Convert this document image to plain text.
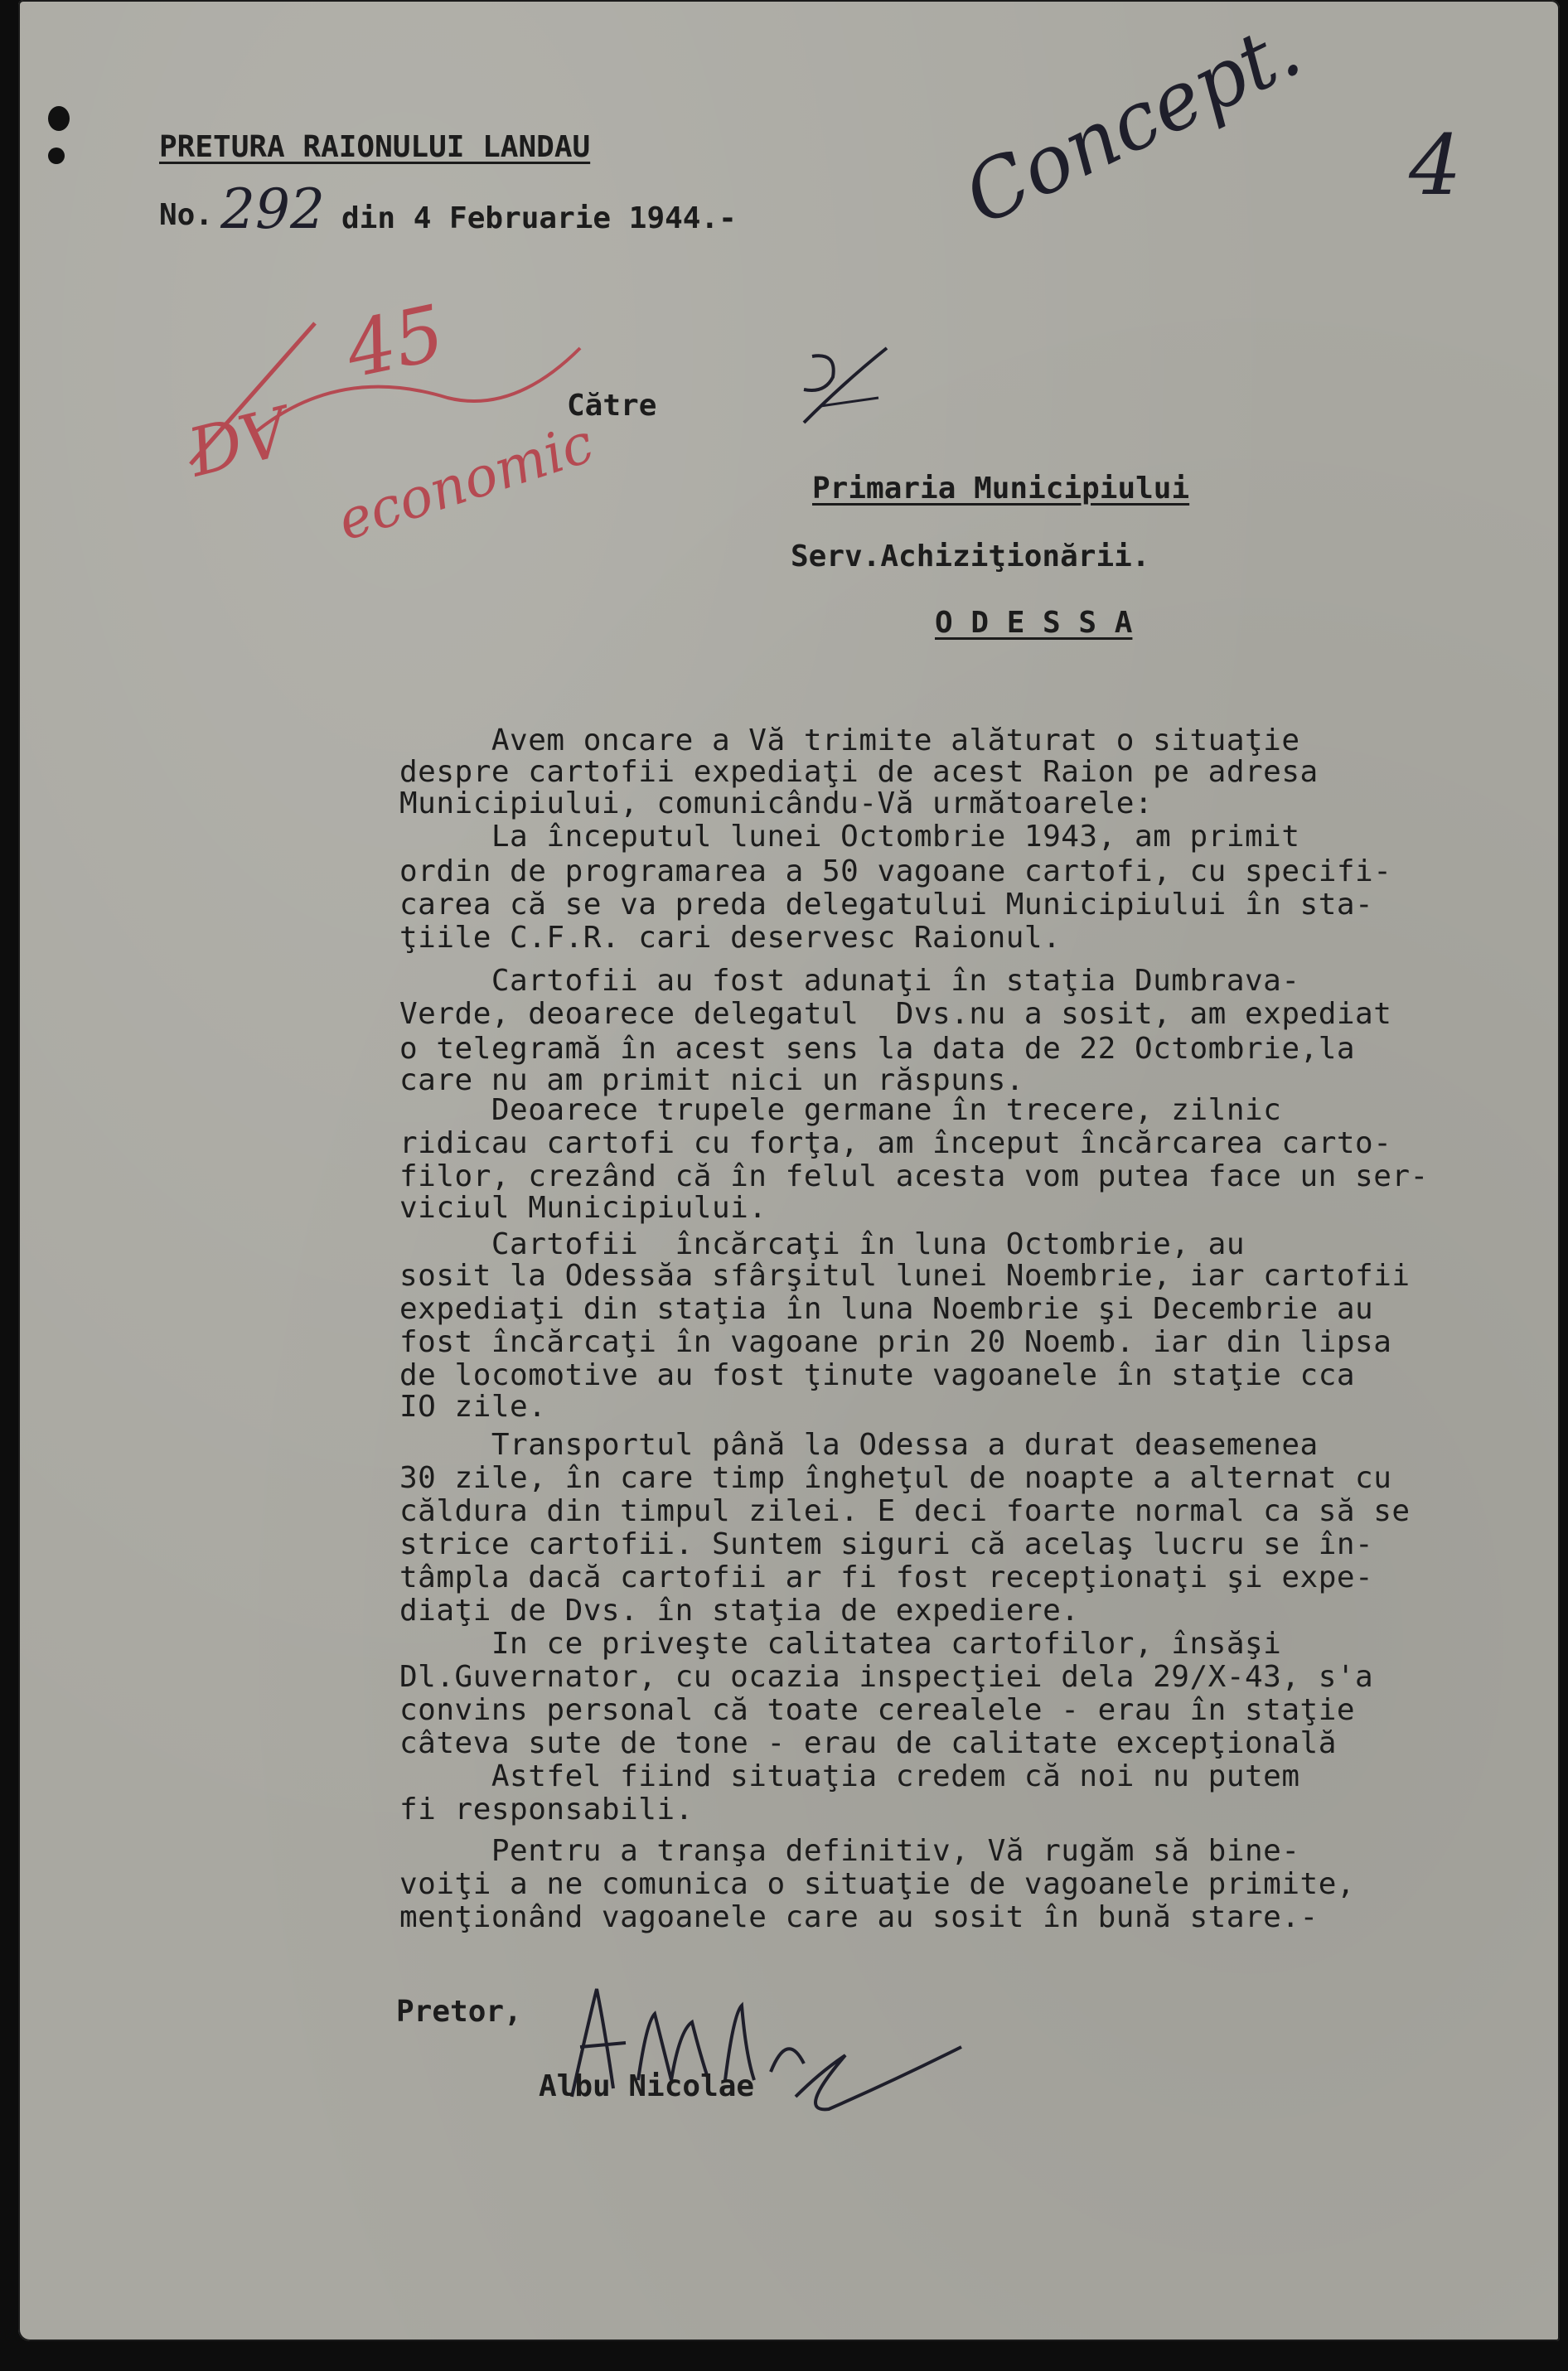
PRETURA RAIONULUI LANDAU

No. 292 din 4 Februarie 1944.-	Concept. 4
DV
45
economic

Către

Primaria Municipiului

Serv.Achiziţionării.

O D E S S A

Avem oncare a Vă trimite alăturat o situaţie

despre cartofii expediaţi de acest Raion pe adresa

Municipiului, comunicându-Vă următoarele:

La începutul lunei Octombrie 1943, am primit

ordin de programarea a 50 vagoane cartofi, cu specifi-

carea că se va preda delegatului Municipiului în sta-

ţiile C.F.R. cari deservesc Raionul.

Cartofii au fost adunaţi în staţia Dumbrava-

Verde, deoarece delegatul  Dvs.nu a sosit, am expediat

o telegramă în acest sens la data de 22 Octombrie,la

care nu am primit nici un răspuns.

Deoarece trupele germane în trecere, zilnic

ridicau cartofi cu forţa, am început încărcarea carto-

filor, crezând că în felul acesta vom putea face un ser-

viciul Municipiului.

Cartofii  încărcaţi în luna Octombrie, au

sosit la Odessăa sfârşitul lunei Noembrie, iar cartofii

expediaţi din staţia în luna Noembrie şi Decembrie au

fost încărcaţi în vagoane prin 20 Noemb. iar din lipsa

de locomotive au fost ţinute vagoanele în staţie cca

IO zile.

Transportul până la Odessa a durat deasemenea

30 zile, în care timp îngheţul de noapte a alternat cu

căldura din timpul zilei. E deci foarte normal ca să se

strice cartofii. Suntem siguri că acelaş lucru se în-

tâmpla dacă cartofii ar fi fost recepţionaţi şi expe-

diaţi de Dvs. în staţia de expediere.

In ce priveşte calitatea cartofilor, însăşi

Dl.Guvernator, cu ocazia inspecţiei dela 29/X-43, s'a

convins personal că toate cerealele - erau în staţie

câteva sute de tone - erau de calitate excepţională

Astfel fiind situaţia credem că noi nu putem

fi responsabili.

Pentru a tranşa definitiv, Vă rugăm să bine-

voiţi a ne comunica o situaţie de vagoanele primite,

menţionând vagoanele care au sosit în bună stare.-

Pretor,

Albu Nicolae
